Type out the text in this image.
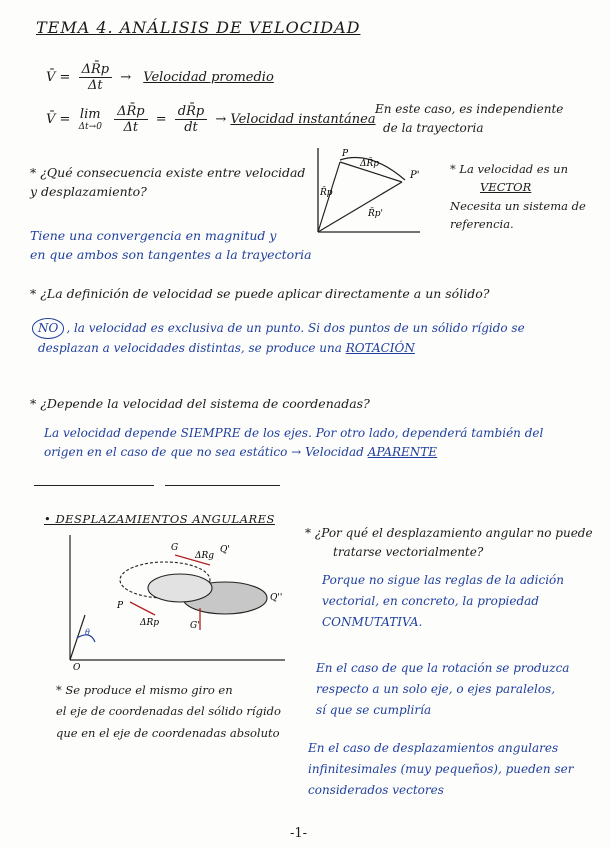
TEMA 4. ANÁLISIS DE VELOCIDAD
V̄ = $\frac{\Delta R̄p}{\Delta t}$ → Velocidad promedio
V̄ = lim
Δt→0
$\frac{\Delta R̄p}{\Delta t} = \frac{dR̄p}{dt}$ → Velocidad instantánea
En este caso, es independiente
de la trayectoria
* ¿Qué consecuencia existe entre velocidad
y desplazamiento?
Tiene una convergencia en magnitud y
en que ambos son tangentes a la trayectoria
P
P'
ΔR̄p
R̄p
R̄p'
* La velocidad es un
VECTOR
Necesita un sistema de
referencia.
* ¿La definición de velocidad se puede aplicar directamente a un sólido?
NO , la velocidad es exclusiva de un punto. Si dos puntos de un sólido rígido se
desplazan a velocidades distintas, se produce una ROTACIÓN
* ¿Depende la velocidad del sistema de coordenadas?
La velocidad depende SIEMPRE de los ejes. Por otro lado, dependerá también del
origen en el caso de que no sea estático → Velocidad APARENTE
• DESPLAZAMIENTOS ANGULARES
G
ΔRg
P
ΔRp
Q'
G'
Q''
O
θ
* Se produce el mismo giro en
el eje de coordenadas del sólido rígido
que en el eje de coordenadas absoluto
* ¿Por qué el desplazamiento angular no puede
tratarse vectorialmente?
Porque no sigue las reglas de la adición
vectorial, en concreto, la propiedad
CONMUTATIVA.
En el caso de que la rotación se produzca
respecto a un solo eje, o ejes paralelos,
sí que se cumpliría
En el caso de desplazamientos angulares
infinitesimales (muy pequeños), pueden ser
considerados vectores
-1-
